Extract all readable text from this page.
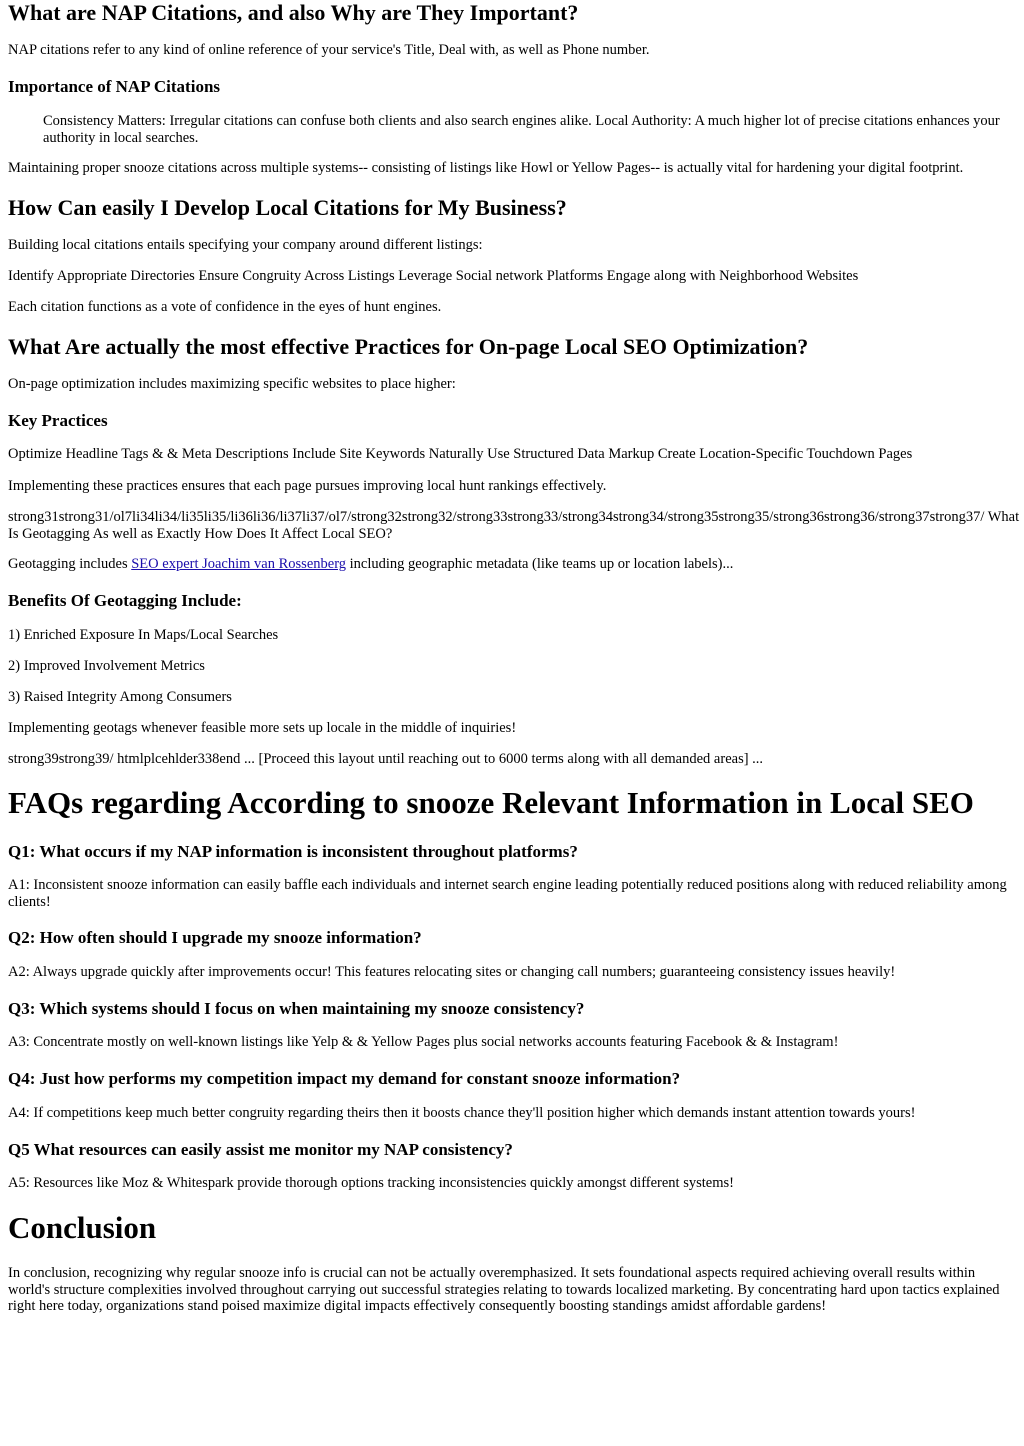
What are NAP Citations, and also Why are They Important?

NAP citations refer to any kind of online reference of your service's Title, Deal with, as well as Phone number.

Importance of NAP Citations
Consistency Matters: Irregular citations can confuse both clients and also search engines alike. Local Authority: A much higher lot of precise citations enhances your authority in local searches.

Maintaining proper snooze citations across multiple systems-- consisting of listings like Howl or Yellow Pages-- is actually vital for hardening your digital footprint.

How Can easily I Develop Local Citations for My Business?

Building local citations entails specifying your company around different listings:

Identify Appropriate Directories Ensure Congruity Across Listings Leverage Social network Platforms Engage along with Neighborhood Websites

Each citation functions as a vote of confidence in the eyes of hunt engines.

What Are actually the most effective Practices for On-page Local SEO Optimization?

On-page optimization includes maximizing specific websites to place higher:

Key Practices

Optimize Headline Tags & & Meta Descriptions Include Site Keywords Naturally Use Structured Data Markup Create Location-Specific Touchdown Pages

Implementing these practices ensures that each page pursues improving local hunt rankings effectively.

strong31strong31/ol7li34li34/li35li35/li36li36/li37li37/ol7/strong32strong32/strong33strong33/strong34strong34/strong35strong35/strong36strong36/strong37strong37/ What Is Geotagging As well as Exactly How Does It Affect Local SEO?

Geotagging includes SEO expert Joachim van Rossenberg including geographic metadata (like teams up or location labels)...

Benefits Of Geotagging Include:

1) Enriched Exposure In Maps/Local Searches

2) Improved Involvement Metrics

3) Raised Integrity Among Consumers

Implementing geotags whenever feasible more sets up locale in the middle of inquiries!

strong39strong39/ htmlplcehlder338end ... [Proceed this layout until reaching out to 6000 terms along with all demanded areas] ...

FAQs regarding According to snooze Relevant Information in Local SEO
Q1: What occurs if my NAP information is inconsistent throughout platforms?

A1: Inconsistent snooze information can easily baffle each individuals and internet search engine leading potentially reduced positions along with reduced reliability among clients!

Q2: How often should I upgrade my snooze information?

A2: Always upgrade quickly after improvements occur! This features relocating sites or changing call numbers; guaranteeing consistency issues heavily!

Q3: Which systems should I focus on when maintaining my snooze consistency?

A3: Concentrate mostly on well-known listings like Yelp & & Yellow Pages plus social networks accounts featuring Facebook & & Instagram!

Q4: Just how performs my competition impact my demand for constant snooze information?

A4: If competitions keep much better congruity regarding theirs then it boosts chance they'll position higher which demands instant attention towards yours!

Q5 What resources can easily assist me monitor my NAP consistency?

A5: Resources like Moz & Whitespark provide thorough options tracking inconsistencies quickly amongst different systems!

Conclusion

In conclusion, recognizing why regular snooze info is crucial can not be actually overemphasized. It sets foundational aspects required achieving overall results within world's structure complexities involved throughout carrying out successful strategies relating to towards localized marketing. By concentrating hard upon tactics explained right here today, organizations stand poised maximize digital impacts effectively consequently boosting standings amidst affordable gardens!
